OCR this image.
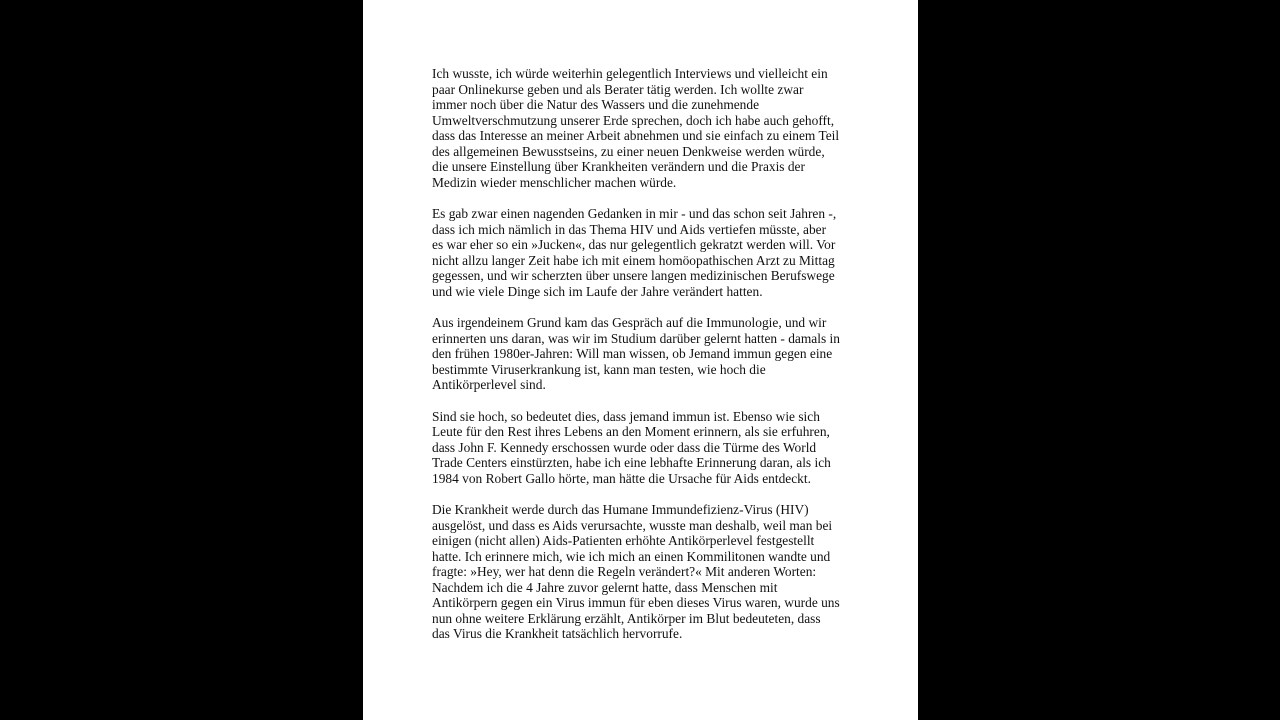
Ich wusste, ich würde weiterhin gelegentlich Interviews und vielleicht ein
paar Onlinekurse geben und als Berater tätig werden. Ich wollte zwar
immer noch über die Natur des Wassers und die zunehmende
Umweltverschmutzung unserer Erde sprechen, doch ich habe auch gehofft,
dass das Interesse an meiner Arbeit abnehmen und sie einfach zu einem Teil
des allgemeinen Bewusstseins, zu einer neuen Denkweise werden würde,
die unsere Einstellung über Krankheiten verändern und die Praxis der
Medizin wieder menschlicher machen würde.

Es gab zwar einen nagenden Gedanken in mir - und das schon seit Jahren -,
dass ich mich nämlich in das Thema HIV und Aids vertiefen müsste, aber
es war eher so ein »Jucken«, das nur gelegentlich gekratzt werden will. Vor
nicht allzu langer Zeit habe ich mit einem homöopathischen Arzt zu Mittag
gegessen, und wir scherzten über unsere langen medizinischen Berufswege
und wie viele Dinge sich im Laufe der Jahre verändert hatten.

Aus irgendeinem Grund kam das Gespräch auf die Immunologie, und wir
erinnerten uns daran, was wir im Studium darüber gelernt hatten - damals in
den frühen 1980er-Jahren: Will man wissen, ob Jemand immun gegen eine
bestimmte Viruserkrankung ist, kann man testen, wie hoch die
Antikörperlevel sind.

Sind sie hoch, so bedeutet dies, dass jemand immun ist. Ebenso wie sich
Leute für den Rest ihres Lebens an den Moment erinnern, als sie erfuhren,
dass John F. Kennedy erschossen wurde oder dass die Türme des World
Trade Centers einstürzten, habe ich eine lebhafte Erinnerung daran, als ich
1984 von Robert Gallo hörte, man hätte die Ursache für Aids entdeckt.

Die Krankheit werde durch das Humane Immundefizienz-Virus (HIV)
ausgelöst, und dass es Aids verursachte, wusste man deshalb, weil man bei
einigen (nicht allen) Aids-Patienten erhöhte Antikörperlevel festgestellt
hatte. Ich erinnere mich, wie ich mich an einen Kommilitonen wandte und
fragte: »Hey, wer hat denn die Regeln verändert?« Mit anderen Worten:
Nachdem ich die 4 Jahre zuvor gelernt hatte, dass Menschen mit
Antikörpern gegen ein Virus immun für eben dieses Virus waren, wurde uns
nun ohne weitere Erklärung erzählt, Antikörper im Blut bedeuteten, dass
das Virus die Krankheit tatsächlich hervorrufe.
